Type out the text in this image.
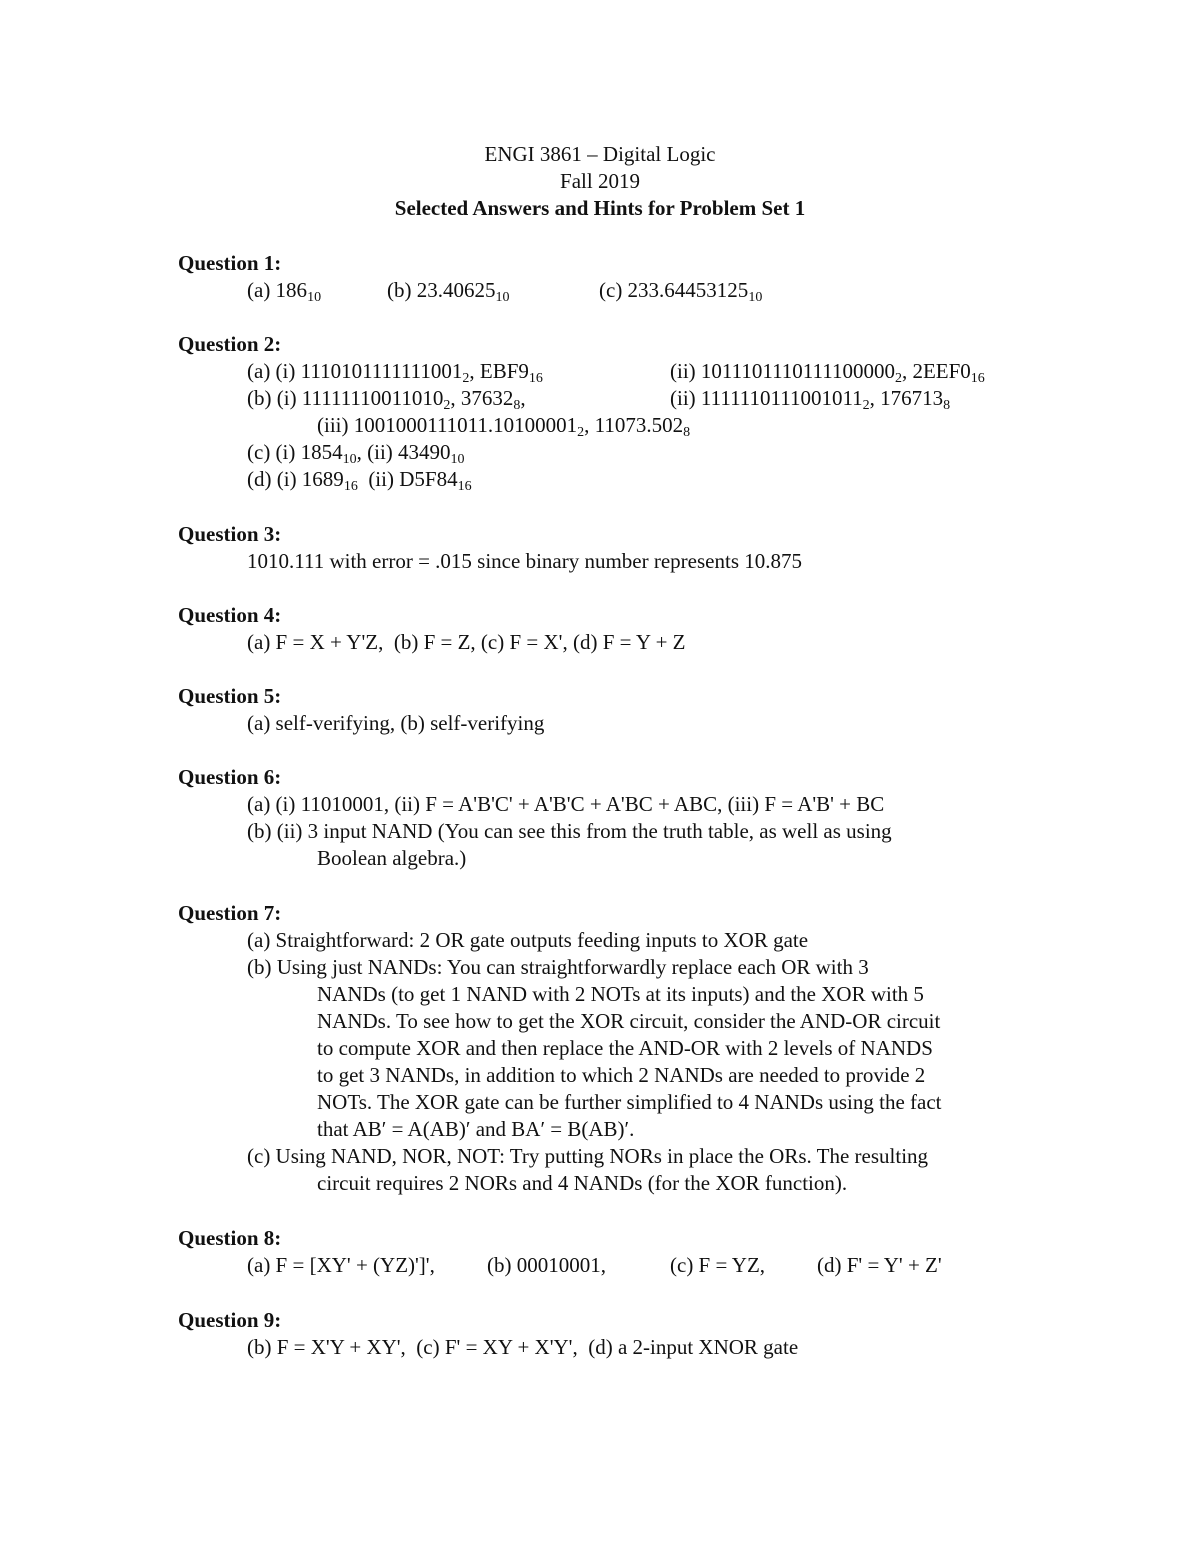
ENGI 3861 – Digital Logic
Fall 2019
Selected Answers and Hints for Problem Set 1
Question 1:
(a) $186_{10}$	(b) $23.40625_{10}$	(c) $233.64453125_{10}$
Question 2:
(a) (i) $1110101111111001_2$, $EBF9_{16}$	(ii) $1011101110111100000_2$, $2EEF0_{16}$
(b) (i) $11111110011010_2$, $37632_8$,	(ii) $1111110111001011_2$, $176713_8$
(iii) $1001000111011.10100001_2$, $11073.502_8$
(c) (i) $1854_{10}$, (ii) $43490_{10}$
(d) (i) $1689_{16}$  (ii) $D5F84_{16}$
Question 3:
1010.111 with error = .015 since binary number represents 10.875
Question 4:
(a) F = X + Y'Z,  (b) F = Z, (c) F = X', (d) F = Y + Z
Question 5:
(a) self-verifying, (b) self-verifying
Question 6:
(a) (i) 11010001, (ii) F = A'B'C' + A'B'C + A'BC + ABC, (iii) F = A'B' + BC
(b) (ii) 3 input NAND (You can see this from the truth table, as well as using
Boolean algebra.)
Question 7:
(a) Straightforward: 2 OR gate outputs feeding inputs to XOR gate
(b) Using just NANDs: You can straightforwardly replace each OR with 3
NANDs (to get 1 NAND with 2 NOTs at its inputs) and the XOR with 5
NANDs. To see how to get the XOR circuit, consider the AND-OR circuit
to compute XOR and then replace the AND-OR with 2 levels of NANDS
to get 3 NANDs, in addition to which 2 NANDs are needed to provide 2
NOTs. The XOR gate can be further simplified to 4 NANDs using the fact
that AB′ = A(AB)′ and BA′ = B(AB)′.
(c) Using NAND, NOR, NOT: Try putting NORs in place the ORs. The resulting
circuit requires 2 NORs and 4 NANDs (for the XOR function).
Question 8:
(a) F = [XY' + (YZ)']', (b) 00010001,	(c) F = YZ, (d) F' = Y' + Z'
Question 9:
(b) F = X'Y + XY',  (c) F' = XY + X'Y',  (d) a 2-input XNOR gate
